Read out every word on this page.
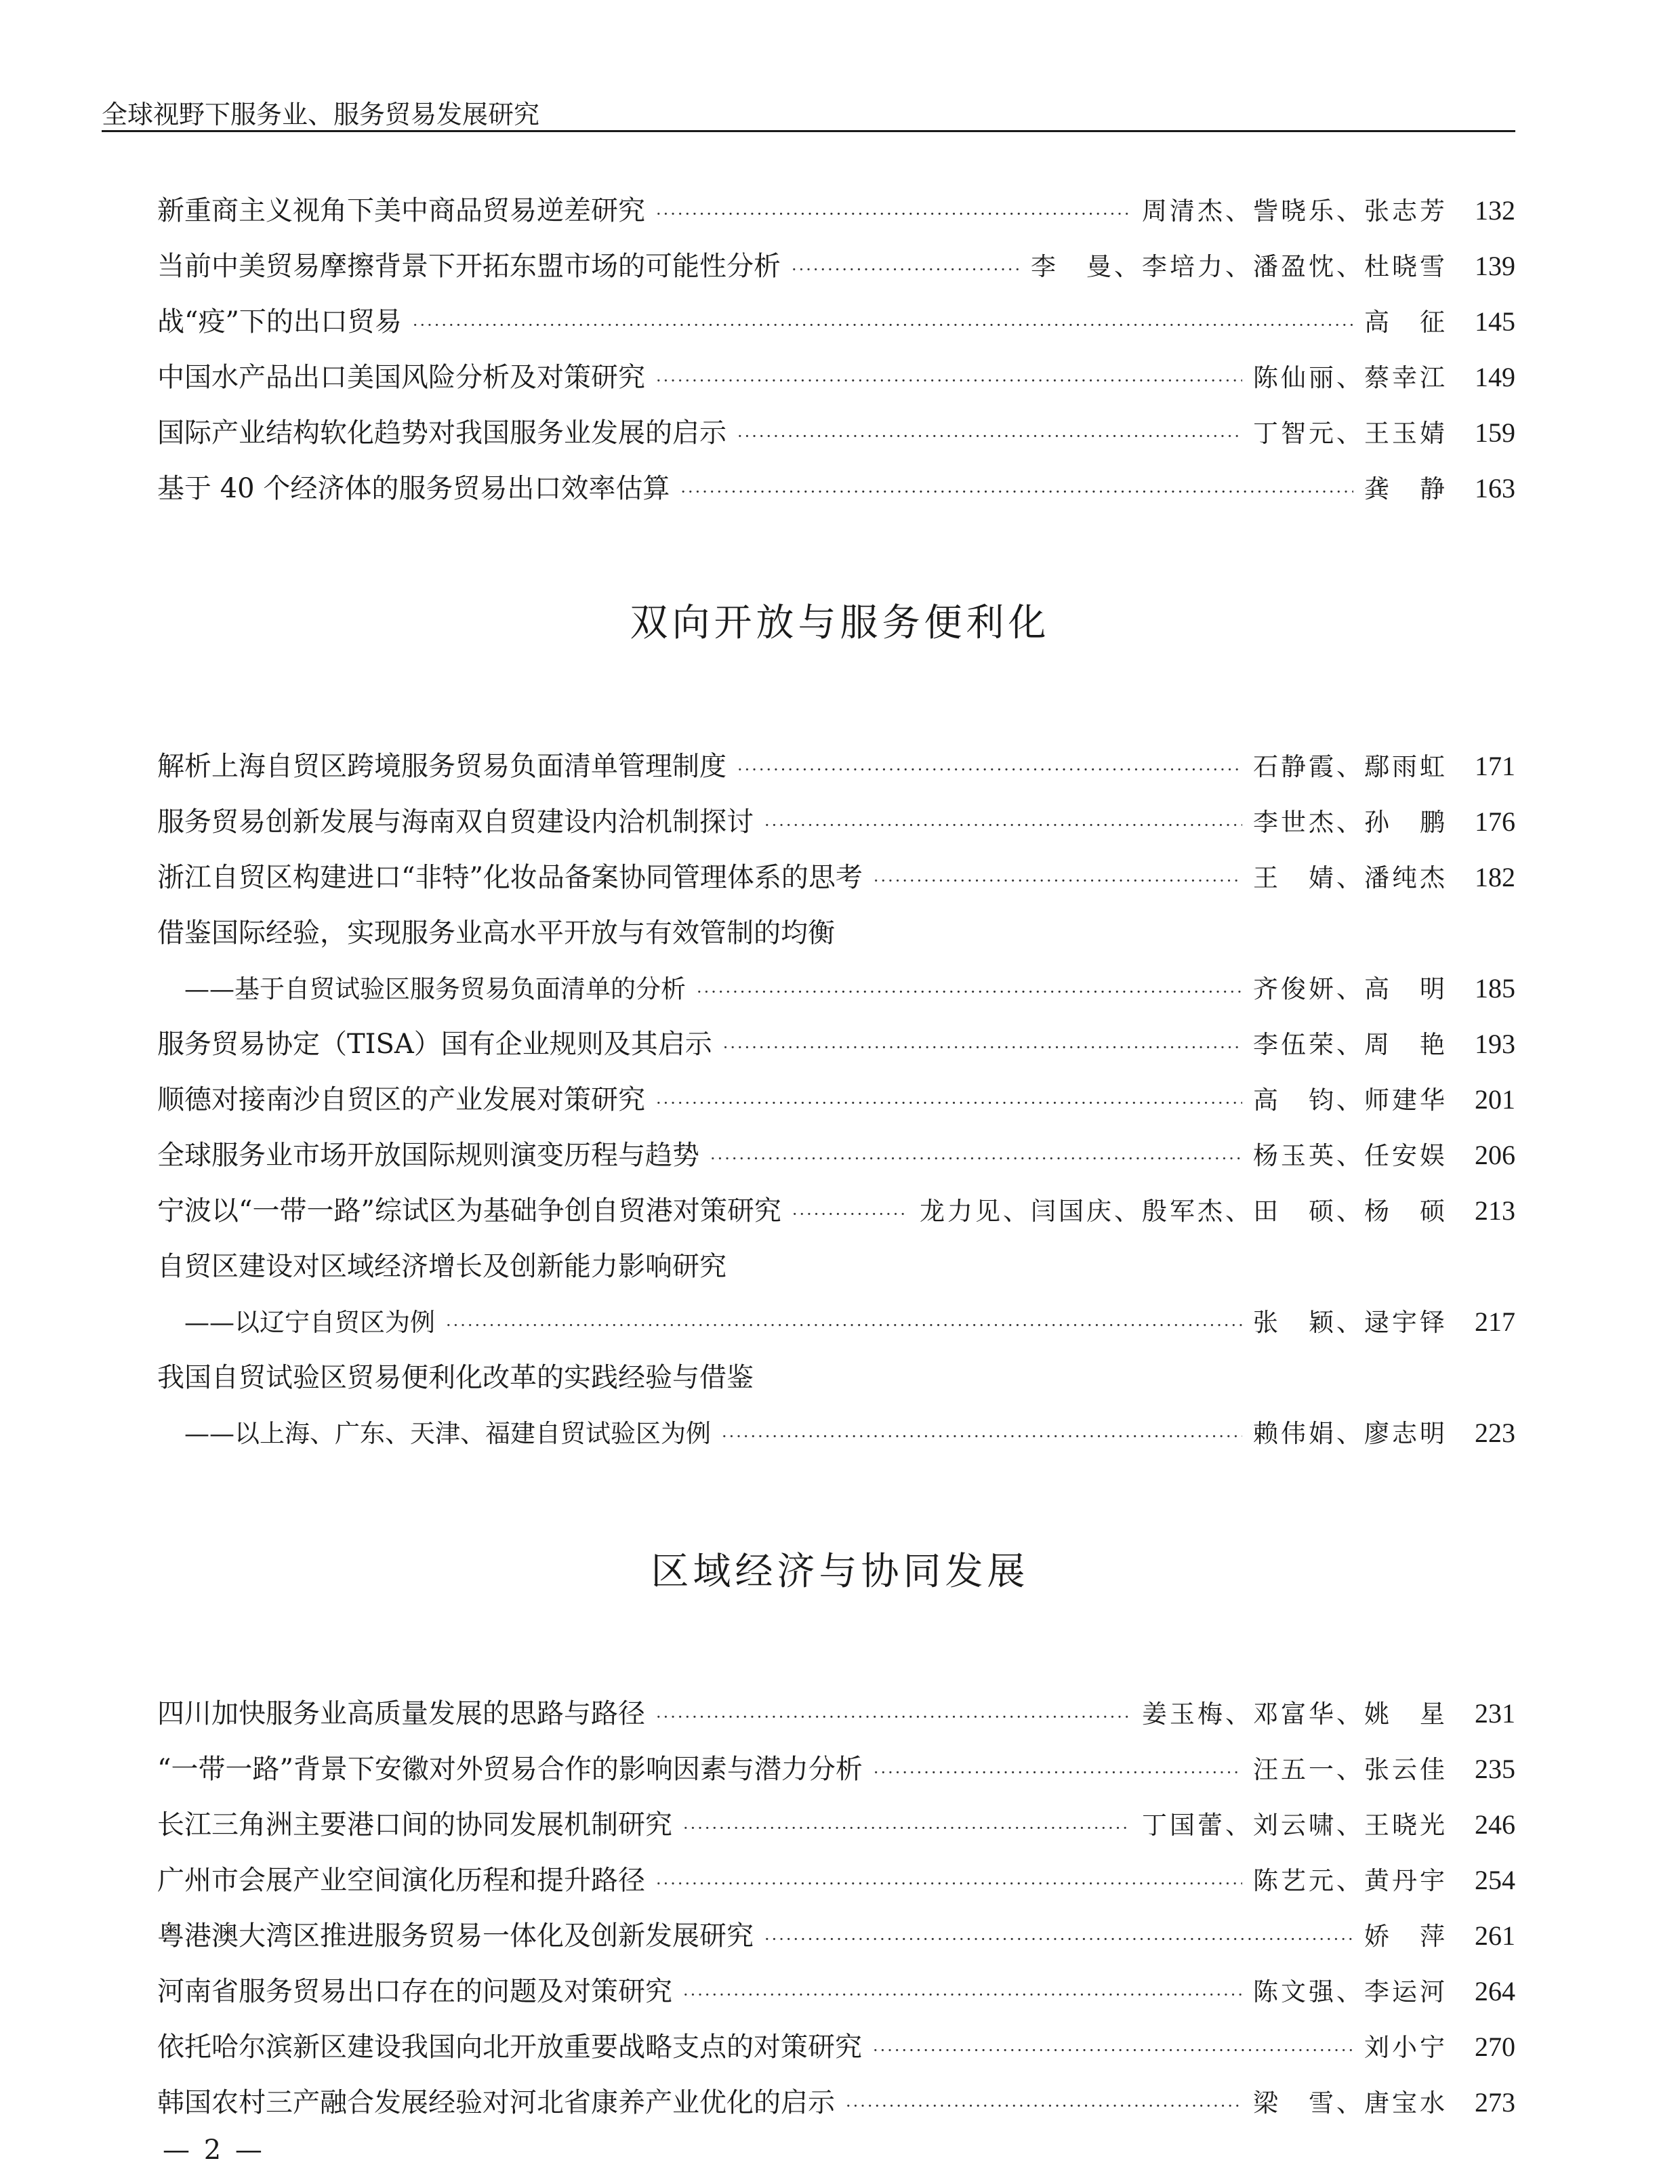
全球视野下服务业、服务贸易发展研究
新重商主义视角下美中商品贸易逆差研究 ·····	周清杰、訾晓乐、张志芳	132
当前中美贸易摩擦背景下开拓东盟市场的可能性分析 ·····	李　曼、李培力、潘盈忱、杜晓雪	139
战“疫”下的出口贸易 ·····	高　征	145
中国水产品出口美国风险分析及对策研究 ·····	陈仙丽、蔡幸江	149
国际产业结构软化趋势对我国服务业发展的启示 ·····	丁智元、王玉婧	159
基于 40 个经济体的服务贸易出口效率估算 ·····	龚　静	163
双向开放与服务便利化
解析上海自贸区跨境服务贸易负面清单管理制度 ·····	石静霞、鄢雨虹	171
服务贸易创新发展与海南双自贸建设内洽机制探讨 ·····	李世杰、孙　鹏	176
浙江自贸区构建进口“非特”化妆品备案协同管理体系的思考 ·····	王　婧、潘纯杰	182
借鉴国际经验，实现服务业高水平开放与有效管制的均衡
——基于自贸试验区服务贸易负面清单的分析 ·····	齐俊妍、高　明	185
服务贸易协定（TISA）国有企业规则及其启示 ·····	李伍荣、周　艳	193
顺德对接南沙自贸区的产业发展对策研究 ·····	高　钧、师建华	201
全球服务业市场开放国际规则演变历程与趋势 ·····	杨玉英、任安娱	206
宁波以“一带一路”综试区为基础争创自贸港对策研究 ·····	龙力见、闫国庆、殷军杰、田　硕、杨　硕	213
自贸区建设对区域经济增长及创新能力影响研究
——以辽宁自贸区为例 ·····	张　颖、逯宇铎	217
我国自贸试验区贸易便利化改革的实践经验与借鉴
——以上海、广东、天津、福建自贸试验区为例 ·····	赖伟娟、廖志明	223
区域经济与协同发展
四川加快服务业高质量发展的思路与路径 ·····	姜玉梅、邓富华、姚　星	231
“一带一路”背景下安徽对外贸易合作的影响因素与潜力分析 ·····	汪五一、张云佳	235
长江三角洲主要港口间的协同发展机制研究 ·····	丁国蕾、刘云啸、王晓光	246
广州市会展产业空间演化历程和提升路径 ·····	陈艺元、黄丹宇	254
粤港澳大湾区推进服务贸易一体化及创新发展研究 ·····	娇　萍	261
河南省服务贸易出口存在的问题及对策研究 ·····	陈文强、李运河	264
依托哈尔滨新区建设我国向北开放重要战略支点的对策研究 ·····	刘小宁	270
韩国农村三产融合发展经验对河北省康养产业优化的启示 ·····	梁　雪、唐宝水	273
— 2 —
